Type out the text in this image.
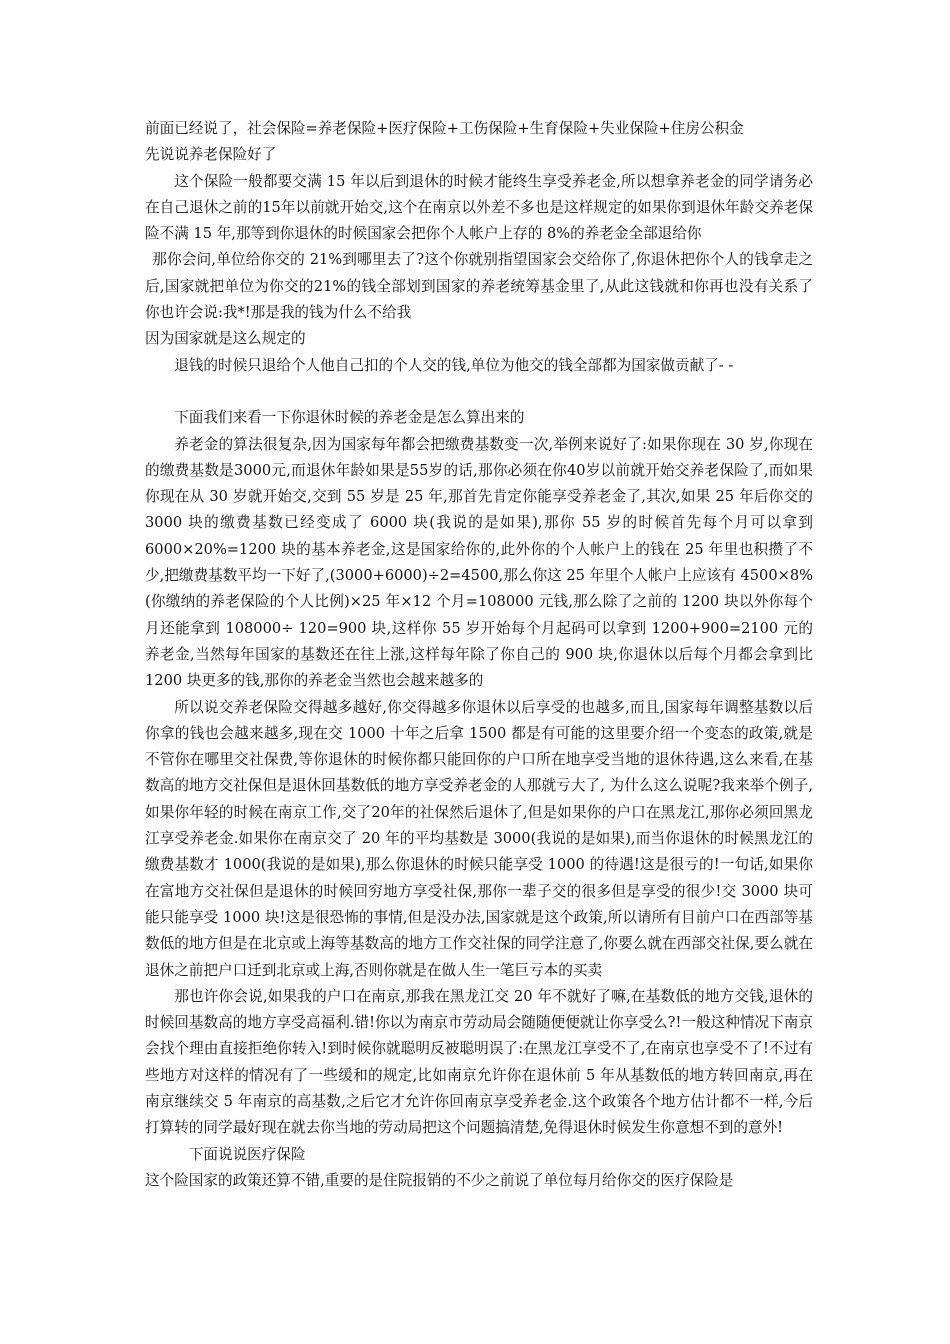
前面已经说了，社会保险=养老保险+医疗保险+工伤保险+生育保险+失业保险+住房公积金

先说说养老保险好了

这个保险一般都要交满 15 年以后到退休的时候才能终生享受养老金,所以想拿养老金的同学请务必在自己退休之前的15年以前就开始交,这个在南京以外差不多也是这样规定的如果你到退休年龄交养老保险不满 15 年,那等到你退休的时候国家会把你个人帐户上存的 8%的养老金全部退给你

那你会问,单位给你交的 21%到哪里去了?这个你就别指望国家会交给你了,你退休把你个人的钱拿走之后,国家就把单位为你交的21%的钱全部划到国家的养老统筹基金里了,从此这钱就和你再也没有关系了你也许会说:我*!那是我的钱为什么不给我

因为国家就是这么规定的

退钱的时候只退给个人他自己扣的个人交的钱,单位为他交的钱全部都为国家做贡献了- -

下面我们来看一下你退休时候的养老金是怎么算出来的

养老金的算法很复杂,因为国家每年都会把缴费基数变一次,举例来说好了:如果你现在 30 岁,你现在的缴费基数是3000元,而退休年龄如果是55岁的话,那你必须在你40岁以前就开始交养老保险了,而如果你现在从 30 岁就开始交,交到 55 岁是 25 年,那首先肯定你能享受养老金了,其次,如果 25 年后你交的 3000 块的缴费基数已经变成了 6000 块(我说的是如果),那你 55 岁的时候首先每个月可以拿到 6000×20%=1200 块的基本养老金,这是国家给你的,此外你的个人帐户上的钱在 25 年里也积攒了不少,把缴费基数平均一下好了,(3000+6000)÷2=4500,那么你这 25 年里个人帐户上应该有 4500×8%(你缴纳的养老保险的个人比例)×25 年×12 个月=108000 元钱,那么除了之前的 1200 块以外你每个月还能拿到 108000÷ 120=900 块,这样你 55 岁开始每个月起码可以拿到 1200+900=2100 元的养老金,当然每年国家的基数还在往上涨,这样每年除了你自己的 900 块,你退休以后每个月都会拿到比 1200 块更多的钱,那你的养老金当然也会越来越多的

所以说交养老保险交得越多越好,你交得越多你退休以后享受的也越多,而且,国家每年调整基数以后你拿的钱也会越来越多,现在交 1000 十年之后拿 1500 都是有可能的这里要介绍一个变态的政策,就是不管你在哪里交社保费,等你退休的时候你都只能回你的户口所在地享受当地的退休待遇,这么来看,在基数高的地方交社保但是退休回基数低的地方享受养老金的人那就亏大了, 为什么这么说呢?我来举个例子,如果你年轻的时候在南京工作,交了20年的社保然后退休了,但是如果你的户口在黑龙江,那你必须回黑龙江享受养老金.如果你在南京交了 20 年的平均基数是 3000(我说的是如果),而当你退休的时候黑龙江的缴费基数才 1000(我说的是如果),那么你退休的时候只能享受 1000 的待遇!这是很亏的!一句话,如果你在富地方交社保但是退休的时候回穷地方享受社保,那你一辈子交的很多但是享受的很少!交 3000 块可能只能享受 1000 块!这是很恐怖的事情,但是没办法,国家就是这个政策,所以请所有目前户口在西部等基数低的地方但是在北京或上海等基数高的地方工作交社保的同学注意了,你要么就在西部交社保,要么就在退休之前把户口迁到北京或上海,否则你就是在做人生一笔巨亏本的买卖

那也许你会说,如果我的户口在南京,那我在黑龙江交 20 年不就好了嘛,在基数低的地方交钱,退休的时候回基数高的地方享受高福利.错!你以为南京市劳动局会随随便便就让你享受么?!一般这种情况下南京会找个理由直接拒绝你转入!到时候你就聪明反被聪明误了:在黑龙江享受不了,在南京也享受不了!不过有些地方对这样的情况有了一些缓和的规定,比如南京允许你在退休前 5 年从基数低的地方转回南京,再在南京继续交 5 年南京的高基数,之后它才允许你回南京享受养老金.这个政策各个地方估计都不一样,今后打算转的同学最好现在就去你当地的劳动局把这个问题搞清楚,免得退休时候发生你意想不到的意外!

下面说说医疗保险

这个险国家的政策还算不错,重要的是住院报销的不少之前说了单位每月给你交的医疗保险是
